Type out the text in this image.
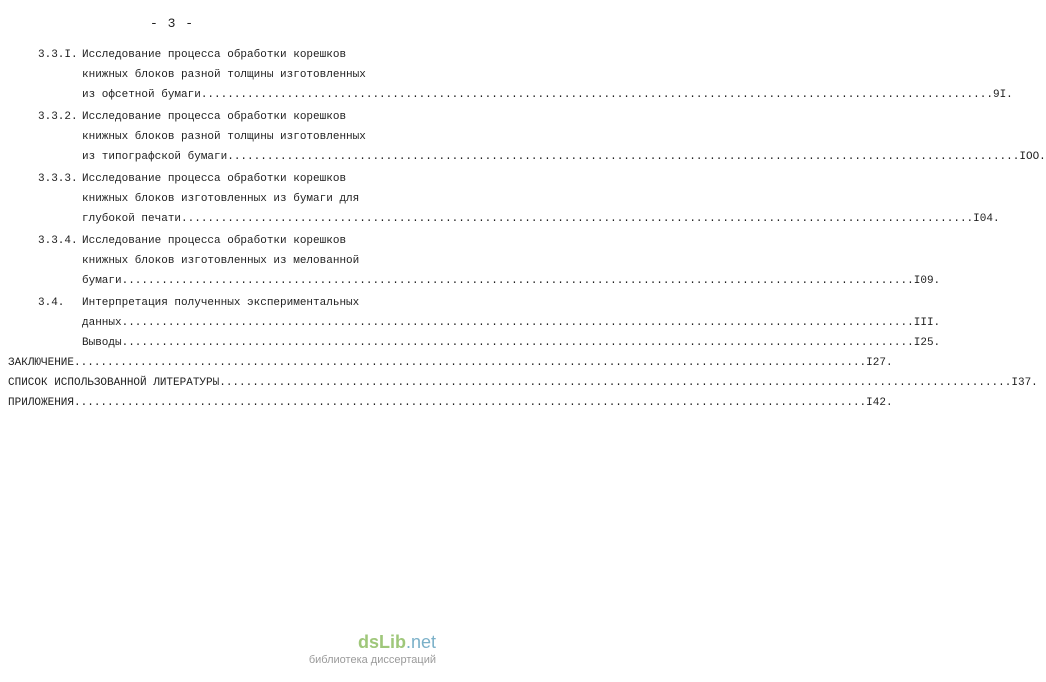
- 3 -
3.3.I. Исследование процесса обработки корешков
книжных блоков разной толщины изготовленных
из офсетной бумаги ........................................................................................................................ 9I.
3.3.2. Исследование процесса обработки корешков
книжных блоков разной толщины изготовленных
из типографской бумаги ........................................................................................................................ IOO.
3.3.3. Исследование процесса обработки корешков
книжных блоков изготовленных из бумаги для
глубокой печати ........................................................................................................................ I04.
3.3.4. Исследование процесса обработки корешков
книжных блоков изготовленных из мелованной
бумаги ........................................................................................................................ I09.
3.4. Интерпретация полученных экспериментальных
данных ........................................................................................................................ III.
Выводы ........................................................................................................................ I25.
ЗАКЛЮЧЕНИЕ ........................................................................................................................ I27.
СПИСОК ИСПОЛЬЗОВАННОЙ ЛИТЕРАТУРЫ ........................................................................................................................ I37.
ПРИЛОЖЕНИЯ ........................................................................................................................ I42.
dsLib.net
библиотека диссертаций
